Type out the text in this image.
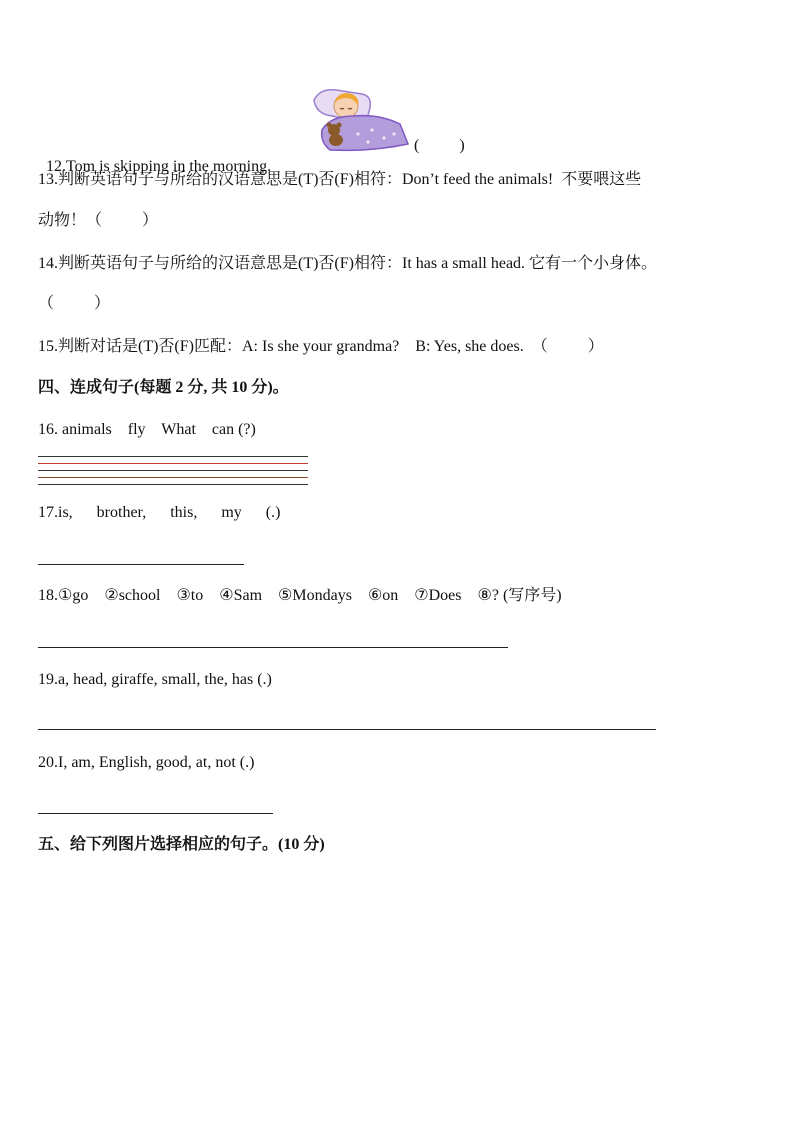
12.Tom is skipping in the morning.

(          )
13.判断英语句子与所给的汉语意思是(T)否(F)相符：Don’t feed the animals!  不要喂这些
动物！（          ）
14.判断英语句子与所给的汉语意思是(T)否(F)相符：It has a small head. 它有一个小身体。
（          ）
15.判断对话是(T)否(F)匹配：A: Is she your grandma?    B: Yes, she does.  （          ）
四、连成句子(每题 2 分, 共 10 分)。
16. animals    fly    What    can (?)
17.is,      brother,      this,      my      (.)
18.①go    ②school    ③to    ④Sam    ⑤Mondays    ⑥on    ⑦Does    ⑧? (写序号)
19.a, head, giraffe, small, the, has (.)
20.I, am, English, good, at, not (.)
五、给下列图片选择相应的句子。(10 分)
